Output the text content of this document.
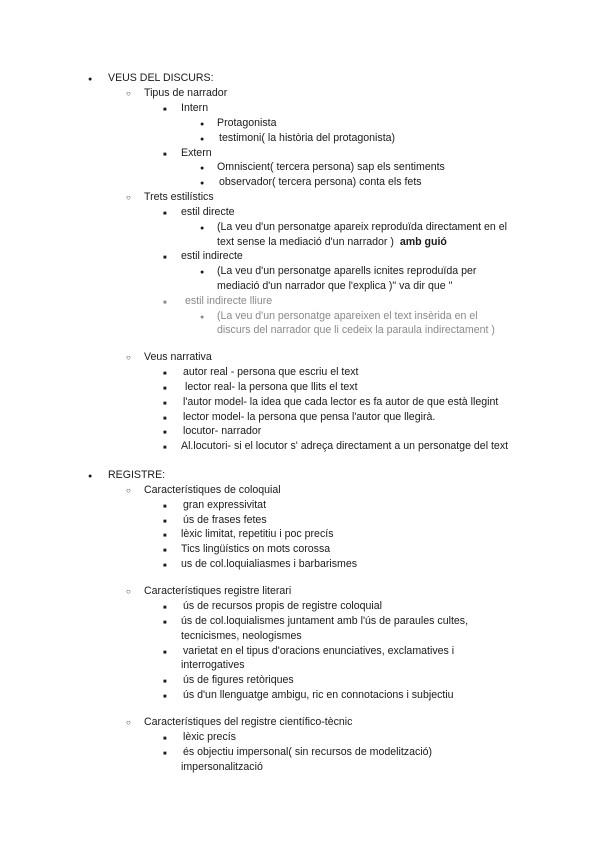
●
VEUS DEL DISCURS:
○
Tipus de narrador
■
Intern
●
Protagonista
●
testimoni( la història del protagonista)
■
Extern
●
Omniscient( tercera persona) sap els sentiments
●
observador( tercera persona) conta els fets
○
Trets estilístics
■
estil directe
●
(La veu d'un personatge apareix reproduïda directament en el
text sense la mediació d'un narrador ) amb guió
■
estil indirecte
●
(La veu d'un personatge aparells icnites reproduïda per
mediació d'un narrador que l'explica )" va dir que "
■
estil indirecte lliure
●
(La veu d'un personatge apareixen el text insèrida en el
discurs del narrador que li cedeix la paraula indirectament )
○
Veus narrativa
■
autor real - persona que escriu el text
■
lector real- la persona que llits el text
■
l'autor model- la idea que cada lector es fa autor de que està llegint
■
lector model- la persona que pensa l'autor que llegirà.
■
locutor- narrador
■
Al.locutori- si el locutor s' adreça directament a un personatge del text
●
REGISTRE:
○
Característiques de coloquial
■
gran expressivitat
■
ús de frases fetes
■
lèxic limitat, repetitiu i poc precís
■
Tics lingüístics on mots corossa
■
us de col.loquialiasmes i barbarismes
○
Característiques registre literari
■
ús de recursos propis de registre coloquial
■
ús de col.loquialismes juntament amb l'ús de paraules cultes,
tecnicismes, neologismes
■
varietat en el tipus d'oracions enunciatives, exclamatives i
interrogatives
■
ús de figures retòriques
■
ús d'un llenguatge ambigu, ric en connotacions i subjectiu
○
Característiques del registre científico-tècnic
■
lèxic precís
■
és objectiu impersonal( sin recursos de modelització)
impersonalització
